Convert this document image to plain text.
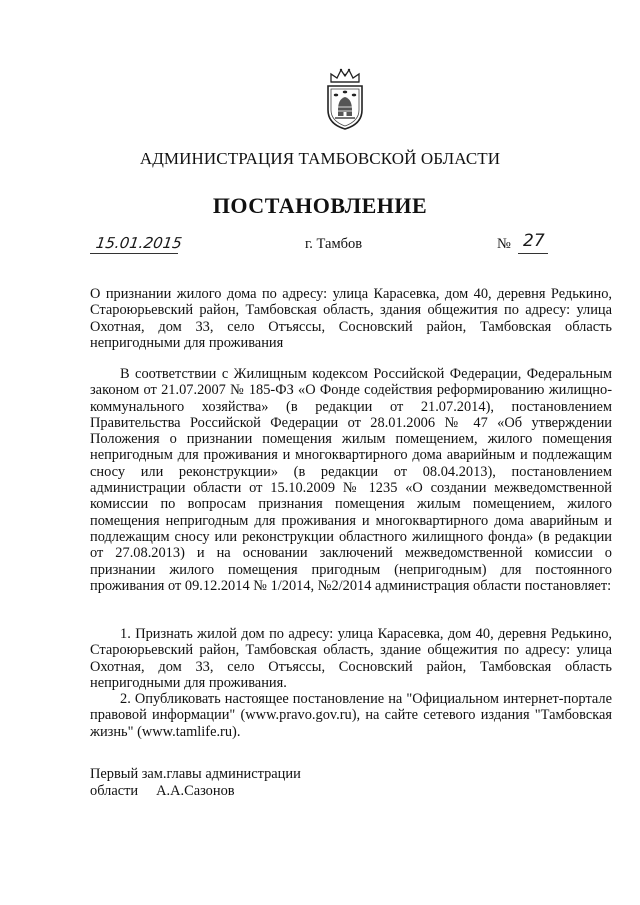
АДМИНИСТРАЦИЯ ТАМБОВСКОЙ ОБЛАСТИ
ПОСТАНОВЛЕНИЕ
15.01.2015	г. Тамбов	№ 27
О признании жилого дома по адресу: улица Карасевка, дом 40, деревня Редькино, Староюрьевский район, Тамбовская область, здания общежития по адресу: улица Охотная, дом 33, село Отъяссы, Сосновский район, Тамбовская область непригодными для проживания
В соответствии с Жилищным кодексом Российской Федерации, Федеральным законом от 21.07.2007 № 185-ФЗ «О Фонде содействия реформированию жилищно-коммунального хозяйства» (в редакции от 21.07.2014), постановлением Правительства Российской Федерации от 28.01.2006 № 47 «Об утверждении Положения о признании помещения жилым помещением, жилого помещения непригодным для проживания и многоквартирного дома аварийным и подлежащим сносу или реконструкции» (в редакции от 08.04.2013), постановлением администрации области от 15.10.2009 № 1235 «О создании межведомственной комиссии по вопросам признания помещения жилым помещением, жилого помещения непригодным для проживания и многоквартирного дома аварийным и подлежащим сносу или реконструкции областного жилищного фонда» (в редакции от 27.08.2013) и на основании заключений межведомственной комиссии о признании жилого помещения пригодным (непригодным) для постоянного проживания от 09.12.2014 № 1/2014, №2/2014 администрация области постановляет:
1. Признать жилой дом по адресу: улица Карасевка, дом 40, деревня Редькино, Староюрьевский район, Тамбовская область, здание общежития по адресу: улица Охотная, дом 33, село Отъяссы, Сосновский район, Тамбовская область непригодными для проживания.
2. Опубликовать настоящее постановление на "Официальном интернет-портале правовой информации" (www.pravo.gov.ru), на сайте сетевого издания "Тамбовская жизнь" (www.tamlife.ru).
Первый зам.главы администрации
области А.А.Сазонов
